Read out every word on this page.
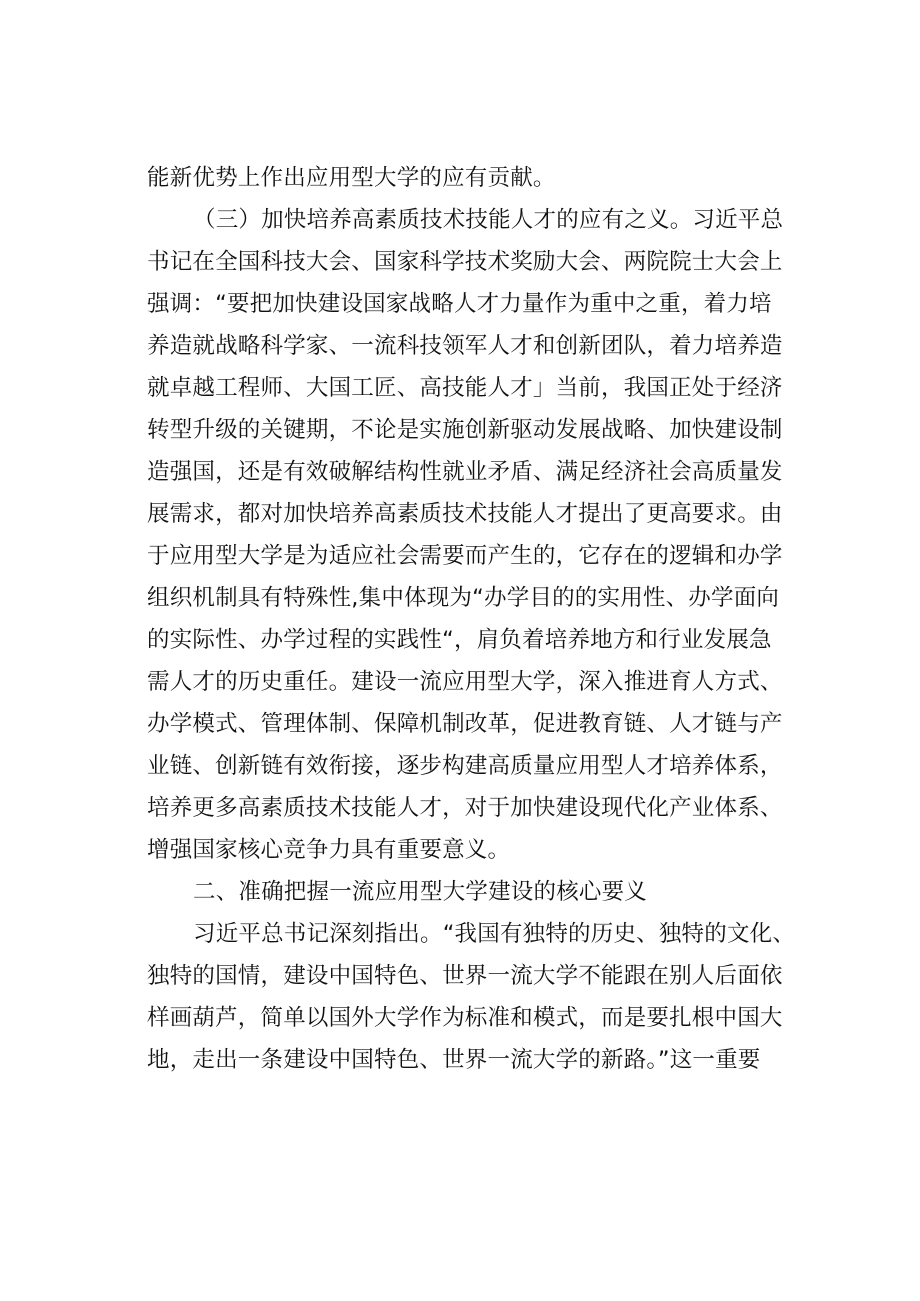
能新优势上作出应用型大学的应有贡献。
（三）加快培养高素质技术技能人才的应有之义。习近平总
书记在全国科技大会、国家科学技术奖励大会、两院院士大会上
强调：“要把加快建设国家战略人才力量作为重中之重，着力培
养造就战略科学家、一流科技领军人才和创新团队，着力培养造
就卓越工程师、大国工匠、高技能人才」当前，我国正处于经济
转型升级的关键期，不论是实施创新驱动发展战略、加快建设制
造强国，还是有效破解结构性就业矛盾、满足经济社会高质量发
展需求，都对加快培养高素质技术技能人才提出了更高要求。由
于应用型大学是为适应社会需要而产生的，它存在的逻辑和办学
组织机制具有特殊性,集中体现为“办学目的的实用性、办学面向
的实际性、办学过程的实践性“，肩负着培养地方和行业发展急
需人才的历史重任。建设一流应用型大学，深入推进育人方式、
办学模式、管理体制、保障机制改革，促进教育链、人才链与产
业链、创新链有效衔接，逐步构建高质量应用型人才培养体系，
培养更多高素质技术技能人才，对于加快建设现代化产业体系、
增强国家核心竞争力具有重要意义。
二、准确把握一流应用型大学建设的核心要义
习近平总书记深刻指出。“我国有独特的历史、独特的文化、
独特的国情，建设中国特色、世界一流大学不能跟在别人后面依
样画葫芦，简单以国外大学作为标准和模式，而是要扎根中国大
地，走出一条建设中国特色、世界一流大学的新路。”这一重要
